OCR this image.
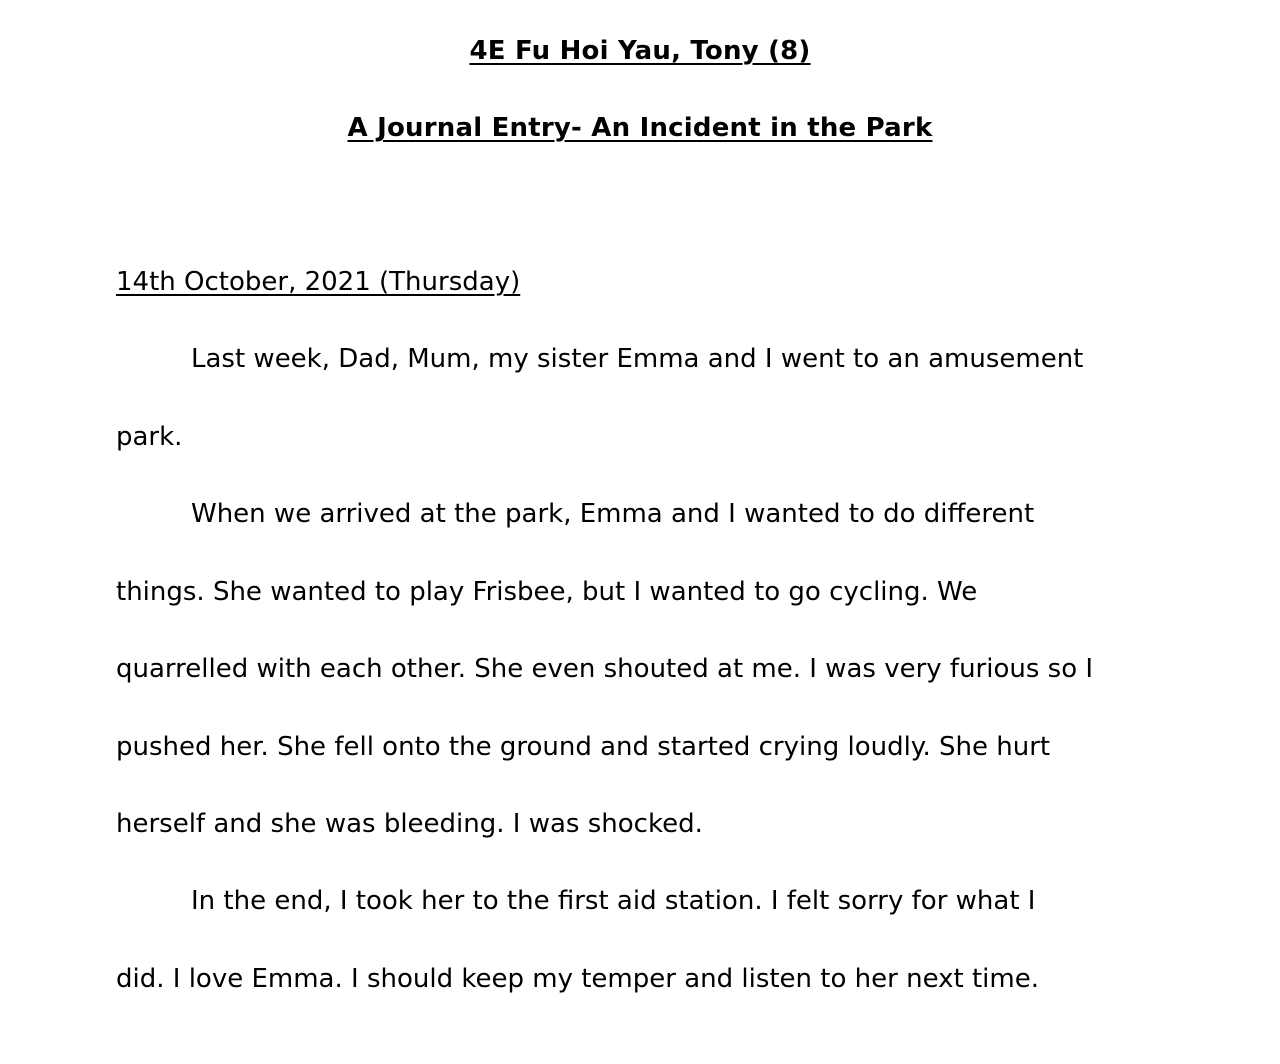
4E Fu Hoi Yau, Tony (8)
A Journal Entry- An Incident in the Park
14th October, 2021 (Thursday)
Last week, Dad, Mum, my sister Emma and I went to an amusement
park.
When we arrived at the park, Emma and I wanted to do different
things. She wanted to play Frisbee, but I wanted to go cycling. We
quarrelled with each other. She even shouted at me. I was very furious so I
pushed her. She fell onto the ground and started crying loudly. She hurt
herself and she was bleeding. I was shocked.
In the end, I took her to the first aid station. I felt sorry for what I
did. I love Emma. I should keep my temper and listen to her next time.
